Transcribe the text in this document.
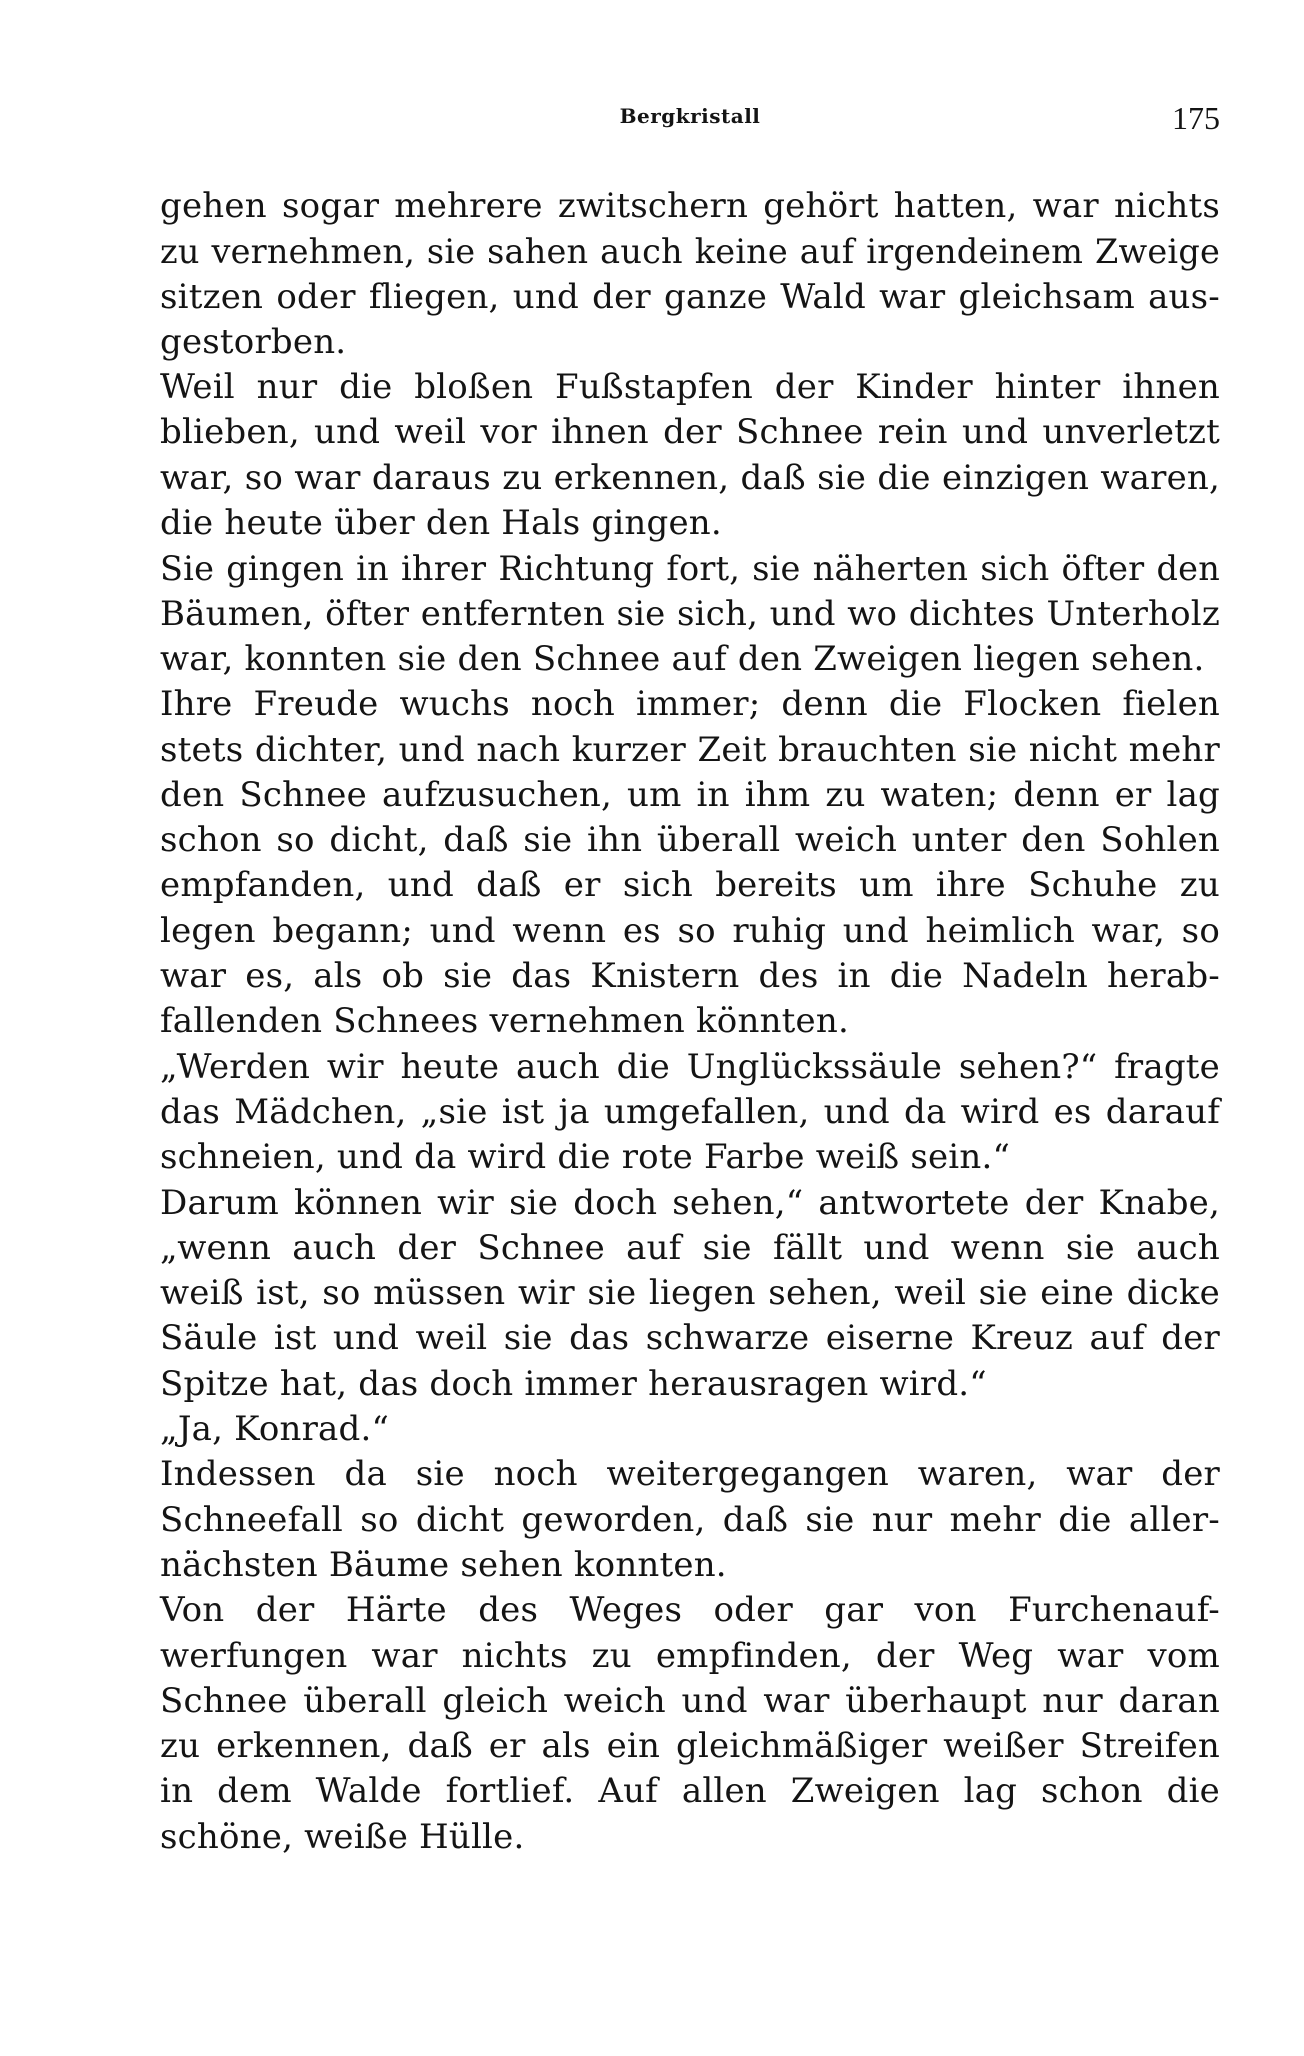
Bergkristall	175
gehen sogar mehrere zwitschern gehört hatten, war nichts
zu vernehmen, sie sahen auch keine auf irgendeinem Zweige
sitzen oder fliegen, und der ganze Wald war gleichsam aus-
gestorben.
Weil nur die bloßen Fußstapfen der Kinder hinter ihnen
blieben, und weil vor ihnen der Schnee rein und unverletzt
war, so war daraus zu erkennen, daß sie die einzigen waren,
die heute über den Hals gingen.
Sie gingen in ihrer Richtung fort, sie näherten sich öfter den
Bäumen, öfter entfernten sie sich, und wo dichtes Unterholz
war, konnten sie den Schnee auf den Zweigen liegen sehen.
Ihre Freude wuchs noch immer; denn die Flocken fielen
stets dichter, und nach kurzer Zeit brauchten sie nicht mehr
den Schnee aufzusuchen, um in ihm zu waten; denn er lag
schon so dicht, daß sie ihn überall weich unter den Sohlen
empfanden, und daß er sich bereits um ihre Schuhe zu
legen begann; und wenn es so ruhig und heimlich war, so
war es, als ob sie das Knistern des in die Nadeln herab-
fallenden Schnees vernehmen könnten.
„Werden wir heute auch die Unglückssäule sehen?“ fragte
das Mädchen, „sie ist ja umgefallen, und da wird es darauf
schneien, und da wird die rote Farbe weiß sein.“
Darum können wir sie doch sehen,“ antwortete der Knabe,
„wenn auch der Schnee auf sie fällt und wenn sie auch
weiß ist, so müssen wir sie liegen sehen, weil sie eine dicke
Säule ist und weil sie das schwarze eiserne Kreuz auf der
Spitze hat, das doch immer herausragen wird.“
„Ja, Konrad.“
Indessen da sie noch weitergegangen waren, war der
Schneefall so dicht geworden, daß sie nur mehr die aller-
nächsten Bäume sehen konnten.
Von der Härte des Weges oder gar von Furchenauf-
werfungen war nichts zu empfinden, der Weg war vom
Schnee überall gleich weich und war überhaupt nur daran
zu erkennen, daß er als ein gleichmäßiger weißer Streifen
in dem Walde fortlief. Auf allen Zweigen lag schon die
schöne, weiße Hülle.
